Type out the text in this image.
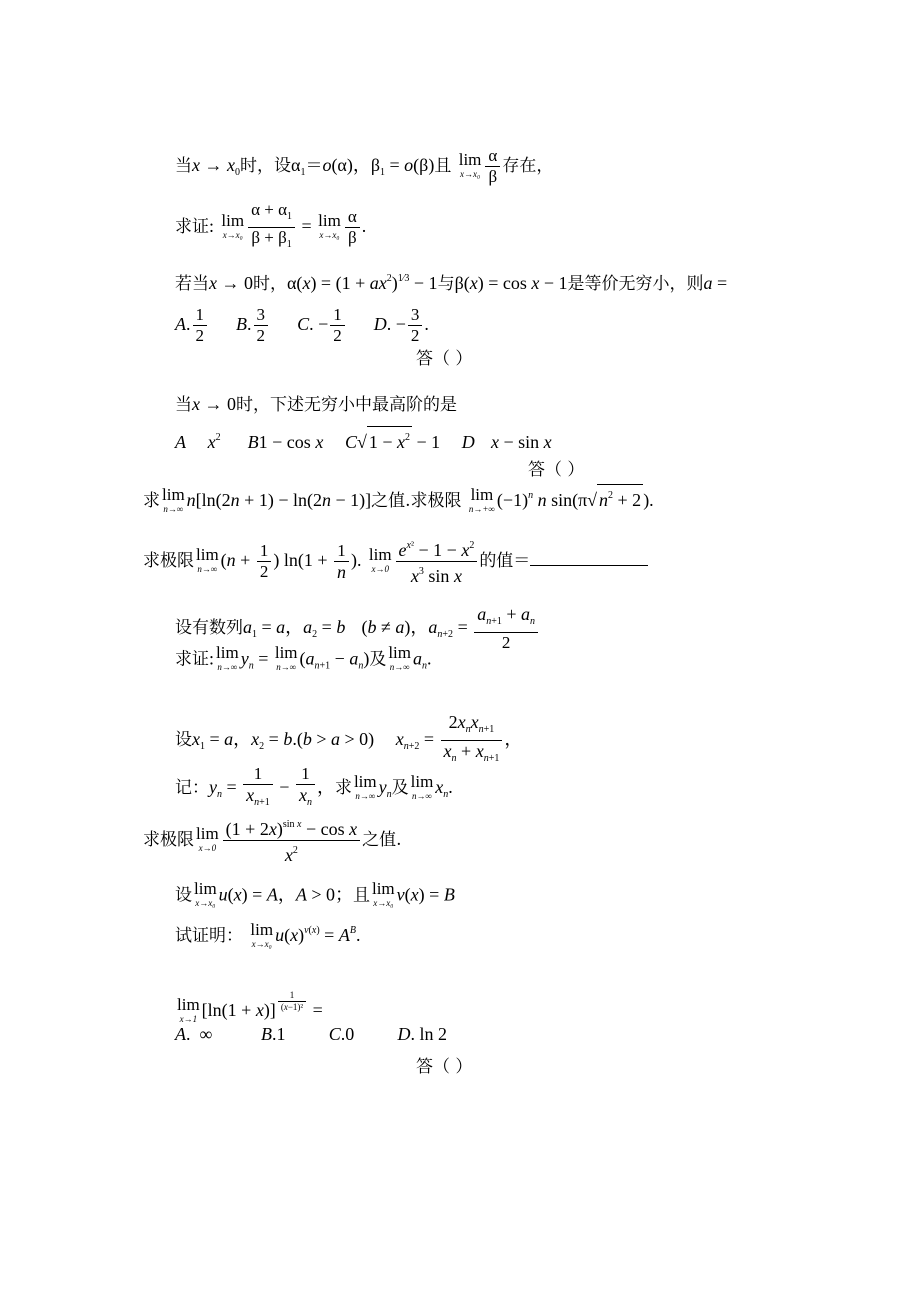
当$x \to x_0$时，设$\alpha_1=o(\alpha)$，$\beta_1 = o(\beta)$且 lim
$x\to x_0 \frac{\alpha}{\beta}$ 存在，
求证: lim
$x\to x_0 \frac{\alpha + \alpha_1}{\beta + \beta_1} = \lim$
$x\to x_0 \frac{\alpha}{\beta}$ .
若当x → 0时，$\alpha(x) = (1 + ax^2)^{1⁄3} - 1$与β(x) = cos x − 1是等价无穷小，则a =
A. $\frac{1}{2} B$. $\frac{3}{2} C$. − $\frac{1}{2} D$. − $\frac{3}{2}$ .
答（ ）
当x → 0时，下述无穷小中最高阶的是
A $x^2$ B1 − cos x C√ $1 - x^2 - 1$ D x − sin x
答（ ）
求 lim
n→∞ n[ln(2n + 1) − ln(2n − 1)]之值.求极限 lim
n→+∞ $(-1)^n$ n sin(π√ $n^2 + 2$ ).
求极限 lim
n→∞ ($n + \frac{1}{2}$ ) $\ln(1 + \frac{1}{n}$ ). lim
$x\to 0 \frac{e^{x^2} - 1 - x^2}{x^3 \sin x}$ 的值＝
设有数列$a_1 = a$，$a_2 = b$ (b ≠ a)，$a_{n+2} = \frac{a_{n+1} + a_n}{2}$
求证: lim
n→∞ $y_n = \lim$
n→∞ $(a_{n+1} - a_n)$及 lim
n→∞ $a_n$.
设$x_1 = a$，$x_2 = b.(b > a > 0) x_{n+2}$ =
$2x_nx_{n+1}$
$x_n + x_{n+1}$
，
记：$y_n = \frac{1}{x_{n+1}} - \frac{1}{x_n}$ ，求 lim
n→∞ $y_n$及 lim
n→∞ $x_n$.
求极限 lim
$x\to 0 \frac{(1 + 2x)^{sin x} - \cos x}{x^2}$ 之值.
设 lim
x→x₀ u(x) = A，A > 0；且 lim
x→x₀ v(x) = B
试证明： lim
x→x₀ $u(x)^{v(x)} = A^B$.
lim
x→1 $[\ln(1 + x)] \frac{1}{\text{(x−1)²}}$ =
A.  ∞	B.1 C.0 D. ln 2
答（ ）
